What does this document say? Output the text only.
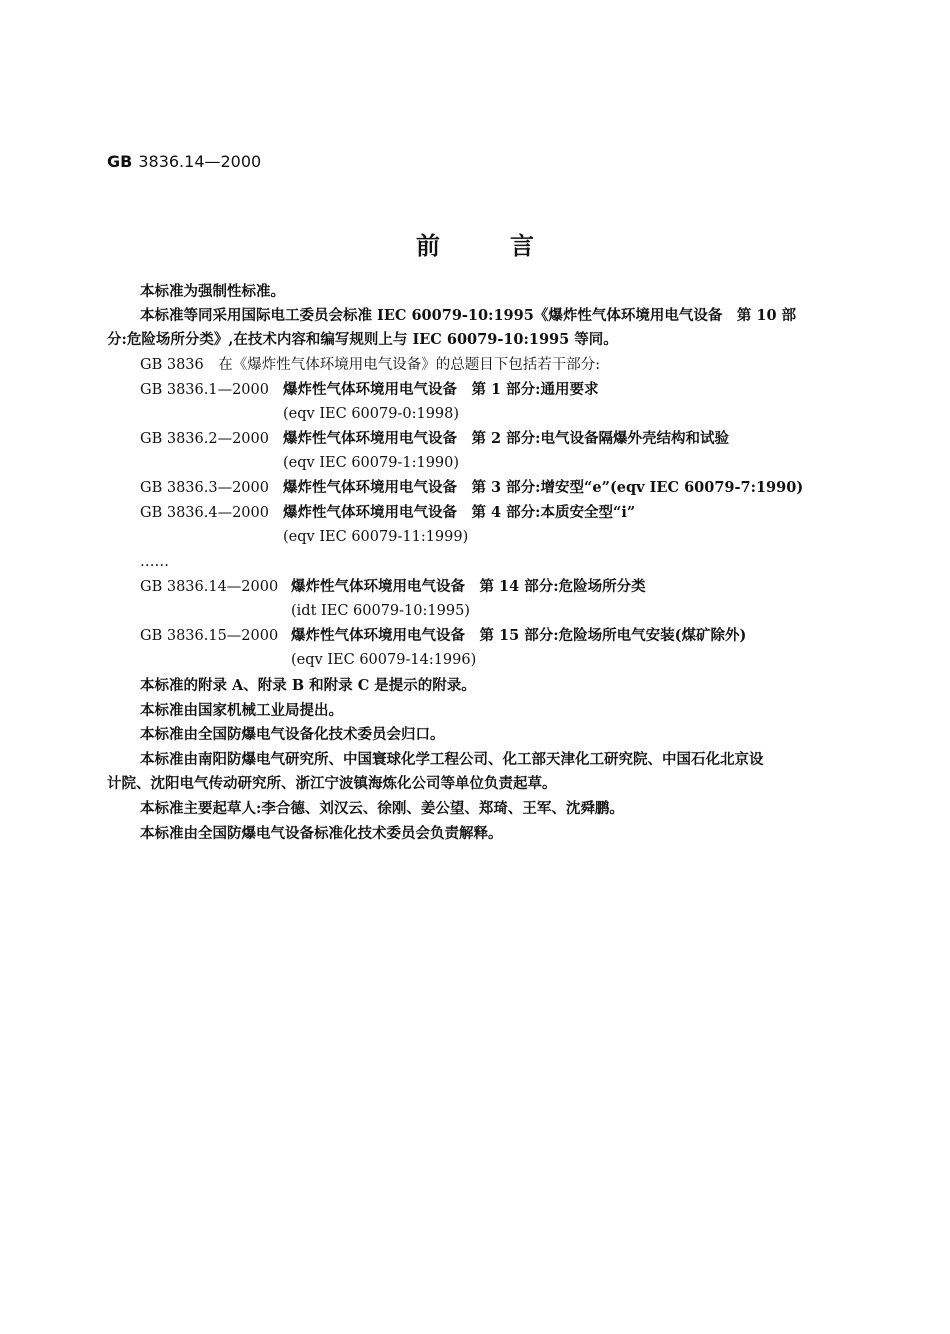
GB 3836.14—2000
前言
本标准为强制性标准。
本标准等同采用国际电工委员会标准 IEC 60079-10:1995《爆炸性气体环境用电气设备　第 10 部
分:危险场所分类》,在技术内容和编写规则上与 IEC 60079-10:1995 等同。
GB 3836　在《爆炸性气体环境用电气设备》的总题目下包括若干部分:
GB 3836.1—2000 爆炸性气体环境用电气设备　第 1 部分:通用要求
(eqv IEC 60079-0:1998)
GB 3836.2—2000 爆炸性气体环境用电气设备　第 2 部分:电气设备隔爆外壳结构和试验
(eqv IEC 60079-1:1990)
GB 3836.3—2000 爆炸性气体环境用电气设备　第 3 部分:增安型“e”(eqv IEC 60079-7:1990)
GB 3836.4—2000 爆炸性气体环境用电气设备　第 4 部分:本质安全型“i”
(eqv IEC 60079-11:1999)
……
GB 3836.14—2000 爆炸性气体环境用电气设备　第 14 部分:危险场所分类
(idt IEC 60079-10:1995)
GB 3836.15—2000 爆炸性气体环境用电气设备　第 15 部分:危险场所电气安装(煤矿除外)
(eqv IEC 60079-14:1996)
本标准的附录 A、附录 B 和附录 C 是提示的附录。
本标准由国家机械工业局提出。
本标准由全国防爆电气设备化技术委员会归口。
本标准由南阳防爆电气研究所、中国寰球化学工程公司、化工部天津化工研究院、中国石化北京设
计院、沈阳电气传动研究所、浙江宁波镇海炼化公司等单位负责起草。
本标准主要起草人:李合德、刘汉云、徐刚、姜公望、郑琦、王军、沈舜鹏。
本标准由全国防爆电气设备标准化技术委员会负责解释。
